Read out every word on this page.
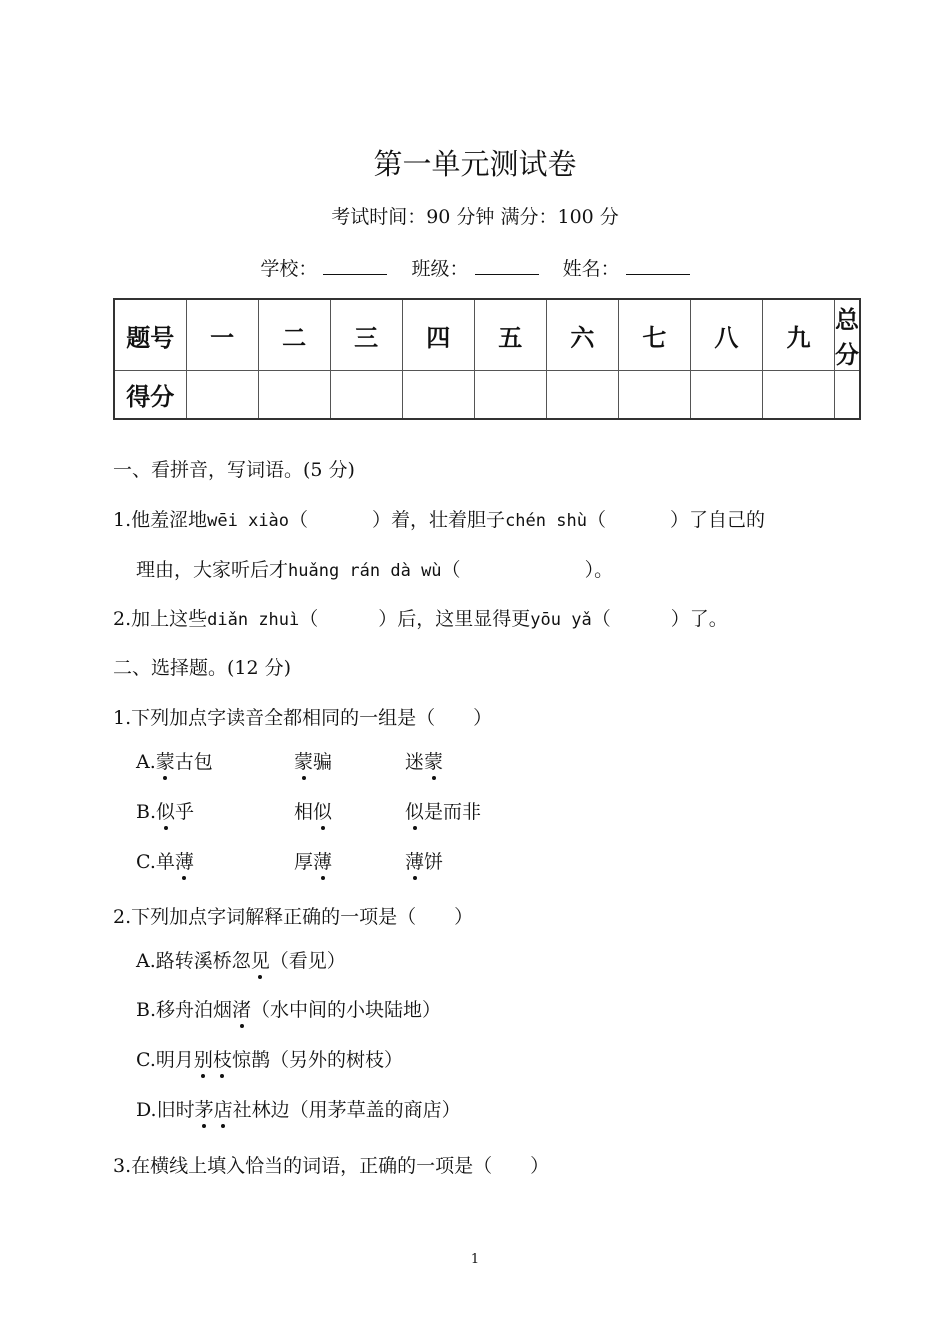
第一单元测试卷
考试时间：90 分钟 满分：100 分
学校：	班级：	姓名：
题号	一	二	三	四	五	六	七	八	九	总分
得分										
一、看拼音，写词语。(5 分)
1.他羞涩地wēi xiào（	）着，壮着胆子chén shù（	）了自己的
理由，大家听后才huǎng rán dà wù（	）。
2.加上这些diǎn zhuì（	）后，这里显得更yōu yǎ（	）了。
二、选择题。(12 分)
1.下列加点字读音全都相同的一组是（　　）
A.蒙古包	蒙骗	迷蒙
B.似乎	相似	似是而非
C.单薄	厚薄	薄饼
2.下列加点字词解释正确的一项是（　　）
A.路转溪桥忽见（看见）
B.移舟泊烟渚（水中间的小块陆地）
C.明月别枝惊鹊（另外的树枝）
D.旧时茅店社林边（用茅草盖的商店）
3.在横线上填入恰当的词语，正确的一项是（　　）
1
